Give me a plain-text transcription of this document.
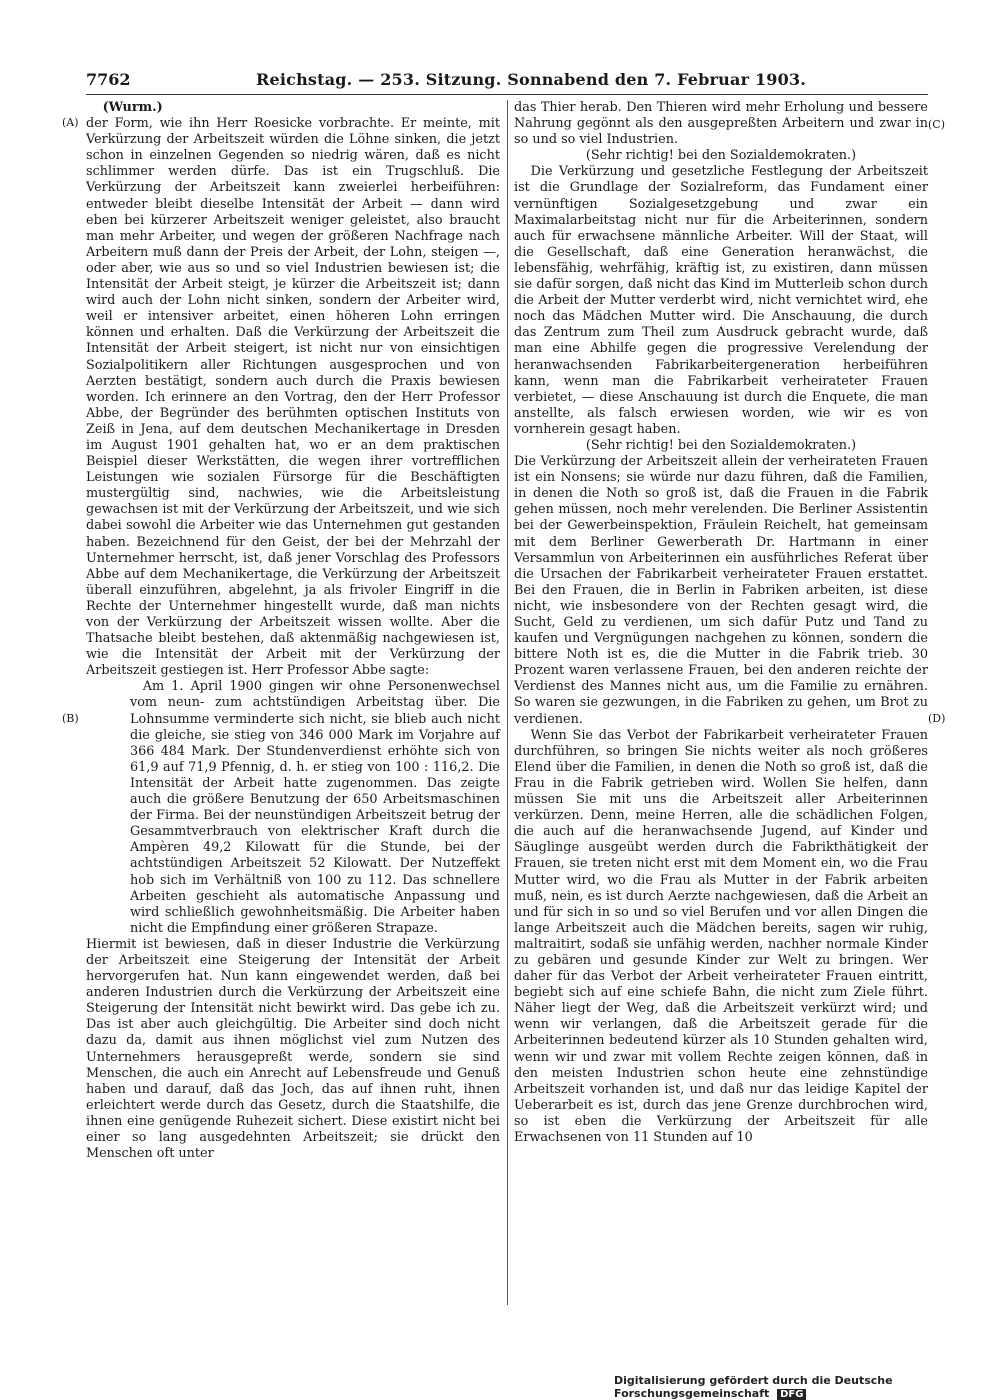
7762	Reichstag. — 253. Sitzung. Sonnabend den 7. Februar 1903.
(A)
(B)
(C)
(D)

(Wurm.)

der Form, wie ihn Herr Roesicke vorbrachte. Er meinte, mit Verkürzung der Arbeitszeit würden die Löhne sinken, die jetzt schon in einzelnen Gegenden so niedrig wären, daß es nicht schlimmer werden dürfe. Das ist ein Trugschluß. Die Verkürzung der Arbeitszeit kann zweierlei herbeiführen: entweder bleibt dieselbe Intensität der Arbeit — dann wird eben bei kürzerer Arbeitszeit weniger geleistet, also braucht man mehr Arbeiter, und wegen der größeren Nachfrage nach Arbeitern muß dann der Preis der Arbeit, der Lohn, steigen —, oder aber, wie aus so und so viel Industrien bewiesen ist; die Intensität der Arbeit steigt, je kürzer die Arbeitszeit ist; dann wird auch der Lohn nicht sinken, sondern der Arbeiter wird, weil er intensiver arbeitet, einen höheren Lohn erringen können und erhalten. Daß die Verkürzung der Arbeitszeit die Intensität der Arbeit steigert, ist nicht nur von einsichtigen Sozialpolitikern aller Richtungen ausgesprochen und von Aerzten bestätigt, sondern auch durch die Praxis bewiesen worden. Ich erinnere an den Vortrag, den der Herr Professor Abbe, der Begründer des berühmten optischen Instituts von Zeiß in Jena, auf dem deutschen Mechanikertage in Dresden im August 1901 gehalten hat, wo er an dem praktischen Beispiel dieser Werkstätten, die wegen ihrer vortrefflichen Leistungen wie sozialen Fürsorge für die Beschäftigten mustergültig sind, nachwies, wie die Arbeitsleistung gewachsen ist mit der Verkürzung der Arbeitszeit, und wie sich dabei sowohl die Arbeiter wie das Unternehmen gut gestanden haben. Bezeichnend für den Geist, der bei der Mehrzahl der Unternehmer herrscht, ist, daß jener Vorschlag des Professors Abbe auf dem Mechanikertage, die Verkürzung der Arbeitszeit überall einzuführen, abgelehnt, ja als frivoler Eingriff in die Rechte der Unternehmer hingestellt wurde, daß man nichts von der Verkürzung der Arbeitszeit wissen wollte. Aber die Thatsache bleibt bestehen, daß aktenmäßig nachgewiesen ist, wie die Intensität der Arbeit mit der Verkürzung der Arbeitszeit gestiegen ist. Herr Professor Abbe sagte:

Am 1. April 1900 gingen wir ohne Personenwechsel vom neun- zum achtstündigen Arbeitstag über. Die Lohnsumme verminderte sich nicht, sie blieb auch nicht die gleiche, sie stieg von 346 000 Mark im Vorjahre auf 366 484 Mark. Der Stundenverdienst erhöhte sich von 61,9 auf 71,9 Pfennig, d. h. er stieg von 100 : 116,2. Die Intensität der Arbeit hatte zugenommen. Das zeigte auch die größere Benutzung der 650 Arbeitsmaschinen der Firma. Bei der neunstündigen Arbeitszeit betrug der Gesammtverbrauch von elektrischer Kraft durch die Ampèren 49,2 Kilowatt für die Stunde, bei der achtstündigen Arbeitszeit 52 Kilowatt. Der Nutzeffekt hob sich im Verhältniß von 100 zu 112. Das schnellere Arbeiten geschieht als automatische Anpassung und wird schließlich gewohnheitsmäßig. Die Arbeiter haben nicht die Empfindung einer größeren Strapaze.

Hiermit ist bewiesen, daß in dieser Industrie die Verkürzung der Arbeitszeit eine Steigerung der Intensität der Arbeit hervorgerufen hat. Nun kann eingewendet werden, daß bei anderen Industrien durch die Verkürzung der Arbeitszeit eine Steigerung der Intensität nicht bewirkt wird. Das gebe ich zu. Das ist aber auch gleichgültig. Die Arbeiter sind doch nicht dazu da, damit aus ihnen möglichst viel zum Nutzen des Unternehmers herausgepreßt werde, sondern sie sind Menschen, die auch ein Anrecht auf Lebensfreude und Genuß haben und darauf, daß das Joch, das auf ihnen ruht, ihnen erleichtert werde durch das Gesetz, durch die Staatshilfe, die ihnen eine genügende Ruhezeit sichert. Diese existirt nicht bei einer so lang ausgedehnten Arbeitszeit; sie drückt den Menschen oft unter

das Thier herab. Den Thieren wird mehr Erholung und bessere Nahrung gegönnt als den ausgepreßten Arbeitern und zwar in so und so viel Industrien.

(Sehr richtig! bei den Sozialdemokraten.)

Die Verkürzung und gesetzliche Festlegung der Arbeitszeit ist die Grundlage der Sozialreform, das Fundament einer vernünftigen Sozialgesetzgebung und zwar ein Maximalarbeitstag nicht nur für die Arbeiterinnen, sondern auch für erwachsene männliche Arbeiter. Will der Staat, will die Gesellschaft, daß eine Generation heranwächst, die lebensfähig, wehrfähig, kräftig ist, zu existiren, dann müssen sie dafür sorgen, daß nicht das Kind im Mutterleib schon durch die Arbeit der Mutter verderbt wird, nicht vernichtet wird, ehe noch das Mädchen Mutter wird. Die Anschauung, die durch das Zentrum zum Theil zum Ausdruck gebracht wurde, daß man eine Abhilfe gegen die progressive Verelendung der heranwachsenden Fabrikarbeitergeneration herbeiführen kann, wenn man die Fabrikarbeit verheirateter Frauen verbietet, — diese Anschauung ist durch die Enquete, die man anstellte, als falsch erwiesen worden, wie wir es von vornherein gesagt haben.

(Sehr richtig! bei den Sozialdemokraten.)

Die Verkürzung der Arbeitszeit allein der verheirateten Frauen ist ein Nonsens; sie würde nur dazu führen, daß die Familien, in denen die Noth so groß ist, daß die Frauen in die Fabrik gehen müssen, noch mehr verelenden. Die Berliner Assistentin bei der Gewerbeinspektion, Fräulein Reichelt, hat gemeinsam mit dem Berliner Gewerberath Dr. Hartmann in einer Versammlun von Arbeiterinnen ein ausführliches Referat über die Ursachen der Fabrikarbeit verheirateter Frauen erstattet. Bei den Frauen, die in Berlin in Fabriken arbeiten, ist diese nicht, wie insbesondere von der Rechten gesagt wird, die Sucht, Geld zu verdienen, um sich dafür Putz und Tand zu kaufen und Vergnügungen nachgehen zu können, sondern die bittere Noth ist es, die die Mutter in die Fabrik trieb. 30 Prozent waren verlassene Frauen, bei den anderen reichte der Verdienst des Mannes nicht aus, um die Familie zu ernähren. So waren sie gezwungen, in die Fabriken zu gehen, um Brot zu verdienen.

Wenn Sie das Verbot der Fabrikarbeit verheirateter Frauen durchführen, so bringen Sie nichts weiter als noch größeres Elend über die Familien, in denen die Noth so groß ist, daß die Frau in die Fabrik getrieben wird. Wollen Sie helfen, dann müssen Sie mit uns die Arbeitszeit aller Arbeiterinnen verkürzen. Denn, meine Herren, alle die schädlichen Folgen, die auch auf die heranwachsende Jugend, auf Kinder und Säuglinge ausgeübt werden durch die Fabrikthätigkeit der Frauen, sie treten nicht erst mit dem Moment ein, wo die Frau Mutter wird, wo die Frau als Mutter in der Fabrik arbeiten muß, nein, es ist durch Aerzte nachgewiesen, daß die Arbeit an und für sich in so und so viel Berufen und vor allen Dingen die lange Arbeitszeit auch die Mädchen bereits, sagen wir ruhig, maltraitirt, sodaß sie unfähig werden, nachher normale Kinder zu gebären und gesunde Kinder zur Welt zu bringen. Wer daher für das Verbot der Arbeit verheirateter Frauen eintritt, begiebt sich auf eine schiefe Bahn, die nicht zum Ziele führt. Näher liegt der Weg, daß die Arbeitszeit verkürzt wird; und wenn wir verlangen, daß die Arbeitszeit gerade für die Arbeiterinnen bedeutend kürzer als 10 Stunden gehalten wird, wenn wir und zwar mit vollem Rechte zeigen können, daß in den meisten Industrien schon heute eine zehnstündige Arbeitszeit vorhanden ist, und daß nur das leidige Kapitel der Ueberarbeit es ist, durch das jene Grenze durchbrochen wird, so ist eben die Verkürzung der Arbeitszeit für alle Erwachsenen von 11 Stunden auf 10

Digitalisierung gefördert durch die Deutsche Forschungsgemeinschaft DFG
